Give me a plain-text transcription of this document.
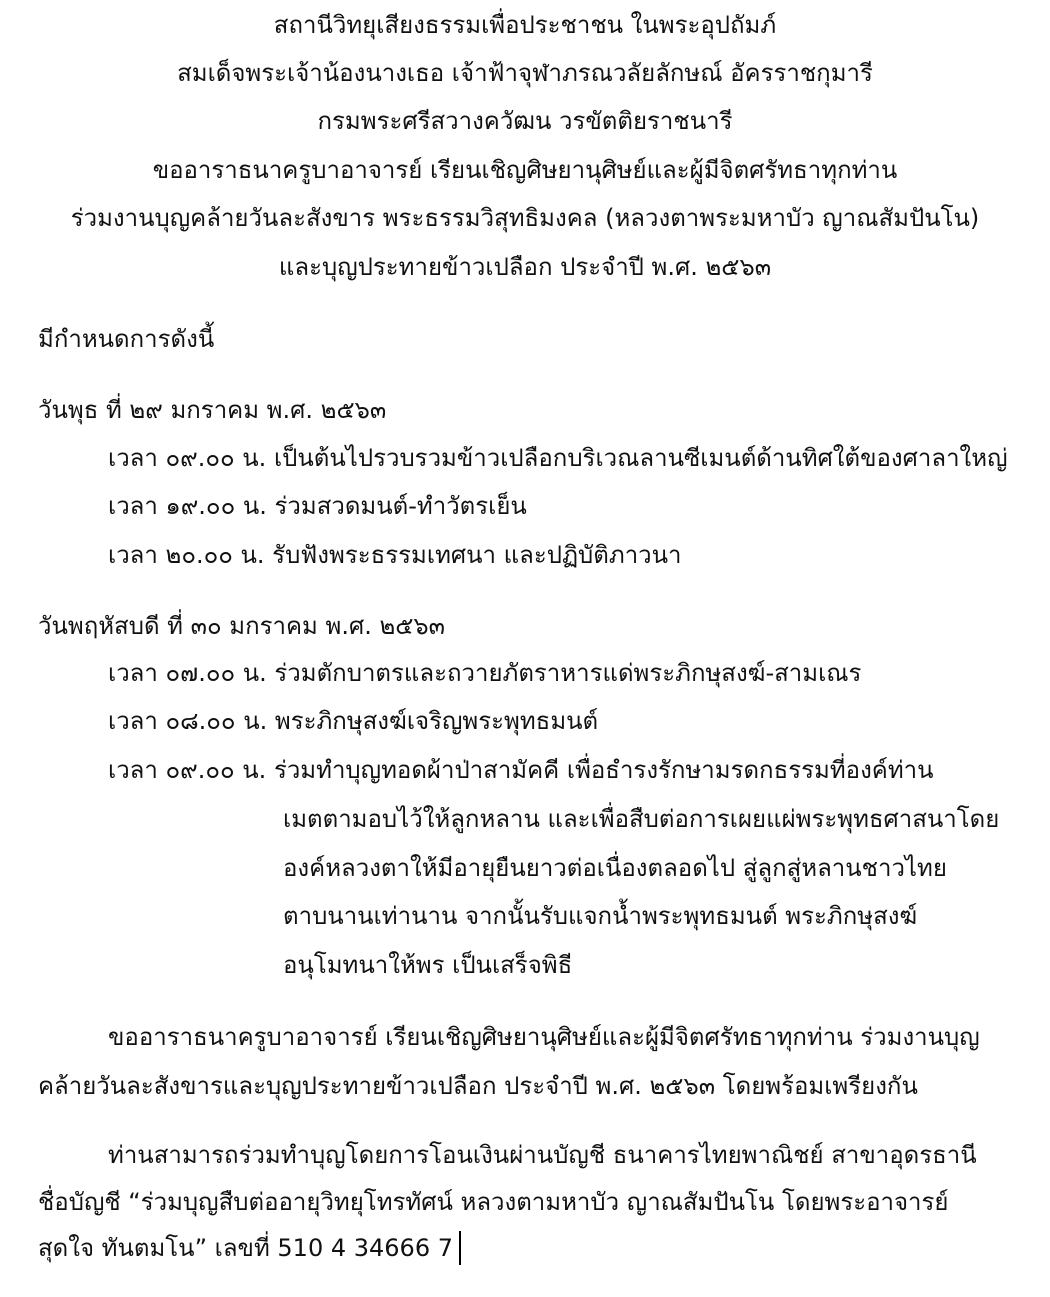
สถานีวิทยุเสียงธรรมเพื่อประชาชน ในพระอุปถัมภ์
สมเด็จพระเจ้าน้องนางเธอ เจ้าฟ้าจุฬาภรณวลัยลักษณ์ อัครราชกุมารี
กรมพระศรีสวางควัฒน วรขัตติยราชนารี
ขออาราธนาครูบาอาจารย์ เรียนเชิญศิษยานุศิษย์และผู้มีจิตศรัทธาทุกท่าน
ร่วมงานบุญคล้ายวันละสังขาร พระธรรมวิสุทธิมงคล (หลวงตาพระมหาบัว ญาณสัมปันโน)
และบุญประทายข้าวเปลือก ประจำปี พ.ศ. ๒๕๖๓
มีกำหนดการดังนี้
วันพุธ ที่ ๒๙ มกราคม พ.ศ. ๒๕๖๓
เวลา ๐๙.๐๐ น. เป็นต้นไปรวบรวมข้าวเปลือกบริเวณลานซีเมนต์ด้านทิศใต้ของศาลาใหญ่
เวลา ๑๙.๐๐ น. ร่วมสวดมนต์-ทำวัตรเย็น
เวลา ๒๐.๐๐ น. รับฟังพระธรรมเทศนา และปฏิบัติภาวนา
วันพฤหัสบดี ที่ ๓๐ มกราคม พ.ศ. ๒๕๖๓
เวลา ๐๗.๐๐ น. ร่วมตักบาตรและถวายภัตราหารแด่พระภิกษุสงฆ์-สามเณร
เวลา ๐๘.๐๐ น. พระภิกษุสงฆ์เจริญพระพุทธมนต์
เวลา ๐๙.๐๐ น. ร่วมทำบุญทอดผ้าป่าสามัคคี เพื่อธำรงรักษามรดกธรรมที่องค์ท่าน
เมตตามอบไว้ให้ลูกหลาน และเพื่อสืบต่อการเผยแผ่พระพุทธศาสนาโดย
องค์หลวงตาให้มีอายุยืนยาวต่อเนื่องตลอดไป สู่ลูกสู่หลานชาวไทย
ตาบนานเท่านาน จากนั้นรับแจกน้ำพระพุทธมนต์ พระภิกษุสงฆ์
อนุโมทนาให้พร เป็นเสร็จพิธี
ขออาราธนาครูบาอาจารย์ เรียนเชิญศิษยานุศิษย์และผู้มีจิตศรัทธาทุกท่าน ร่วมงานบุญ
คล้ายวันละสังขารและบุญประทายข้าวเปลือก ประจำปี พ.ศ. ๒๕๖๓ โดยพร้อมเพรียงกัน
ท่านสามารถร่วมทำบุญโดยการโอนเงินผ่านบัญชี ธนาคารไทยพาณิชย์ สาขาอุดรธานี
ชื่อบัญชี “ร่วมบุญสืบต่ออายุวิทยุโทรทัศน์ หลวงตามหาบัว ญาณสัมปันโน โดยพระอาจารย์
สุดใจ ทันตมโน” เลขที่ 510 4 34666 7
